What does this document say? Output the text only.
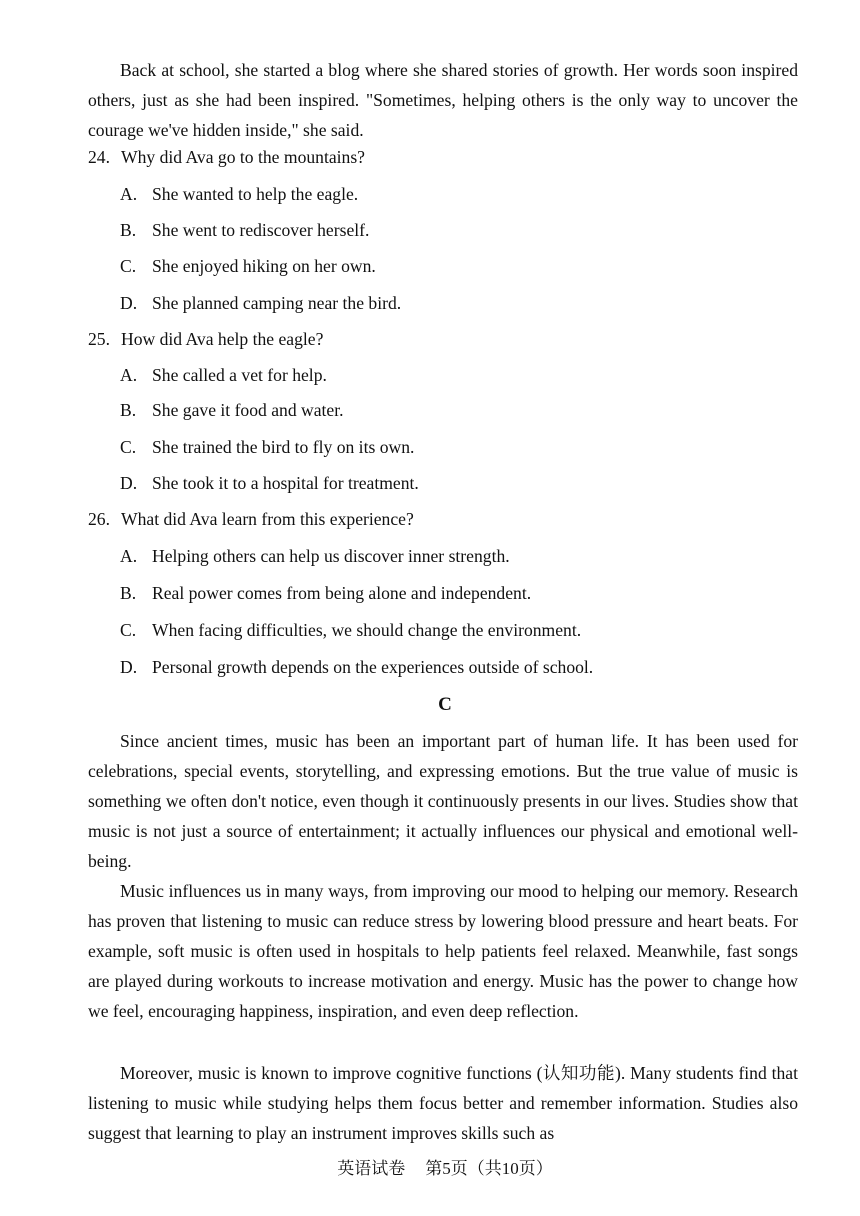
Back at school, she started a blog where she shared stories of growth. Her words soon inspired others, just as she had been inspired. "Sometimes, helping others is the only way to uncover the courage we've hidden inside," she said.

24. Why did Ava go to the mountains?
A. She wanted to help the eagle.
B. She went to rediscover herself.
C. She enjoyed hiking on her own.
D. She planned camping near the bird.
25. How did Ava help the eagle?
A. She called a vet for help.
B. She gave it food and water.
C. She trained the bird to fly on its own.
D. She took it to a hospital for treatment.
26. What did Ava learn from this experience?
A. Helping others can help us discover inner strength.
B. Real power comes from being alone and independent.
C. When facing difficulties, we should change the environment.
D. Personal growth depends on the experiences outside of school.
C

Since ancient times, music has been an important part of human life. It has been used for celebrations, special events, storytelling, and expressing emotions. But the true value of music is something we often don't notice, even though it continuously presents in our lives. Studies show that music is not just a source of entertainment; it actually influences our physical and emotional well-being.

Music influences us in many ways, from improving our mood to helping our memory. Research has proven that listening to music can reduce stress by lowering blood pressure and heart beats. For example, soft music is often used in hospitals to help patients feel relaxed. Meanwhile, fast songs are played during workouts to increase motivation and energy. Music has the power to change how we feel, encouraging happiness, inspiration, and even deep reflection.

Moreover, music is known to improve cognitive functions (认知功能). Many students find that listening to music while studying helps them focus better and remember information. Studies also suggest that learning to play an instrument improves skills such as

英语试卷 第5页（共10页）
